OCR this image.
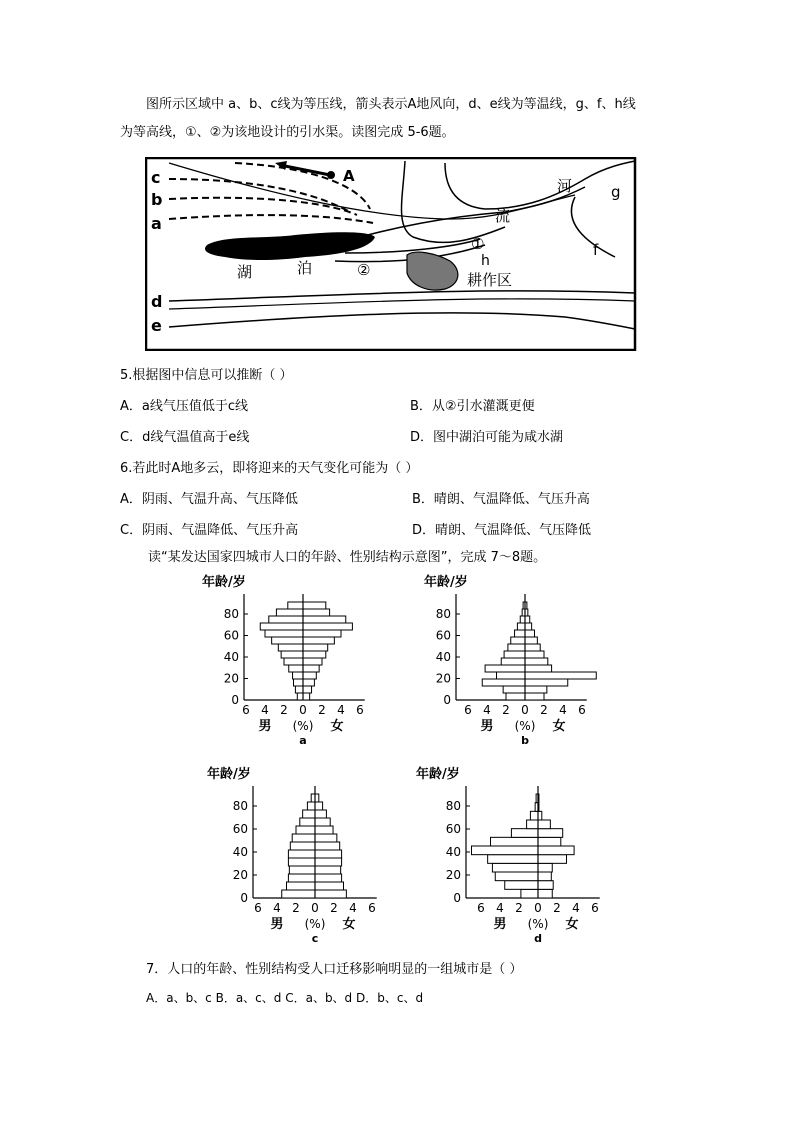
图所示区域中 a、b、c线为等压线，箭头表示A地风向，d、e线为等温线，g、f、h线
为等高线，①、②为该地设计的引水渠。读图完成 5-6题。
c
b
a
d
e
A
河
流
g
f
h
①
②
湖	泊
耕作区
5.根据图中信息可以推断（ ）
A．a线气压值低于c线	B．从②引水灌溉更便
C．d线气温值高于e线	D．图中湖泊可能为咸水湖
6.若此时A地多云，即将迎来的天气变化可能为（ ）
A．阴雨、气温升高、气压降低	B．晴朗、气温降低、气压升高
C．阴雨、气温降低、气压升高	D．晴朗、气温降低、气压降低
读“某发达国家四城市人口的年龄、性别结构示意图”，完成 7～8题。
年龄/岁
0
20
40
60
80
6 4 2 0 2 4 6
男 (%) 女
a
年龄/岁
0
20
40
60
80
6 4 2 0 2 4 6
男 (%) 女
b
年龄/岁
0
20
40
60
80
6 4 2 0 2 4 6
男 (%) 女
c
年龄/岁
0
20
40
60
80
6 4 2 0 2 4 6
男 (%) 女
d
7．人口的年龄、性别结构受人口迁移影响明显的一组城市是（ ）
A．a、b、c B．a、c、d C．a、b、d D．b、c、d
